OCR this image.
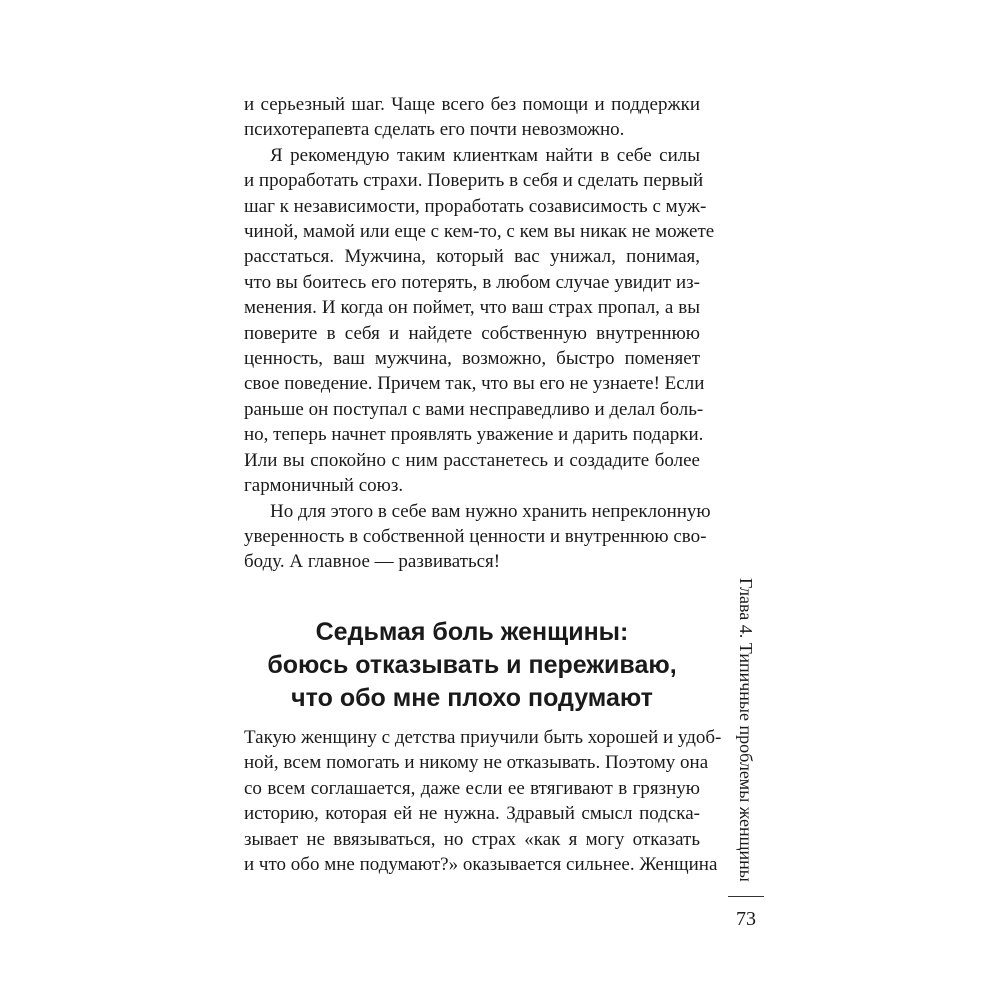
и серьезный шаг. Чаще всего без помощи и поддержки
психотерапевта сделать его почти невозможно.
Я рекомендую таким клиенткам найти в себе силы
и проработать страхи. Поверить в себя и сделать первый
шаг к независимости, проработать созависимость с муж-
чиной, мамой или еще с кем-то, с кем вы никак не можете
расстаться. Мужчина, который вас унижал, понимая,
что вы боитесь его потерять, в любом случае увидит из-
менения. И когда он поймет, что ваш страх пропал, а вы
поверите в себя и найдете собственную внутреннюю
ценность, ваш мужчина, возможно, быстро поменяет
свое поведение. Причем так, что вы его не узнаете! Если
раньше он поступал с вами несправедливо и делал боль-
но, теперь начнет проявлять уважение и дарить подарки.
Или вы спокойно с ним расстанетесь и создадите более
гармоничный союз.
Но для этого в себе вам нужно хранить непреклонную
уверенность в собственной ценности и внутреннюю сво-
боду. А главное — развиваться!
Седьмая боль женщины:
боюсь отказывать и переживаю,
что обо мне плохо подумают
Такую женщину с детства приучили быть хорошей и удоб-
ной, всем помогать и никому не отказывать. Поэтому она
со всем соглашается, даже если ее втягивают в грязную
историю, которая ей не нужна. Здравый смысл подска-
зывает не ввязываться, но страх «как я могу отказать
и что обо мне подумают?» оказывается сильнее. Женщина	Глава 4. Типичные проблемы женщины
73
